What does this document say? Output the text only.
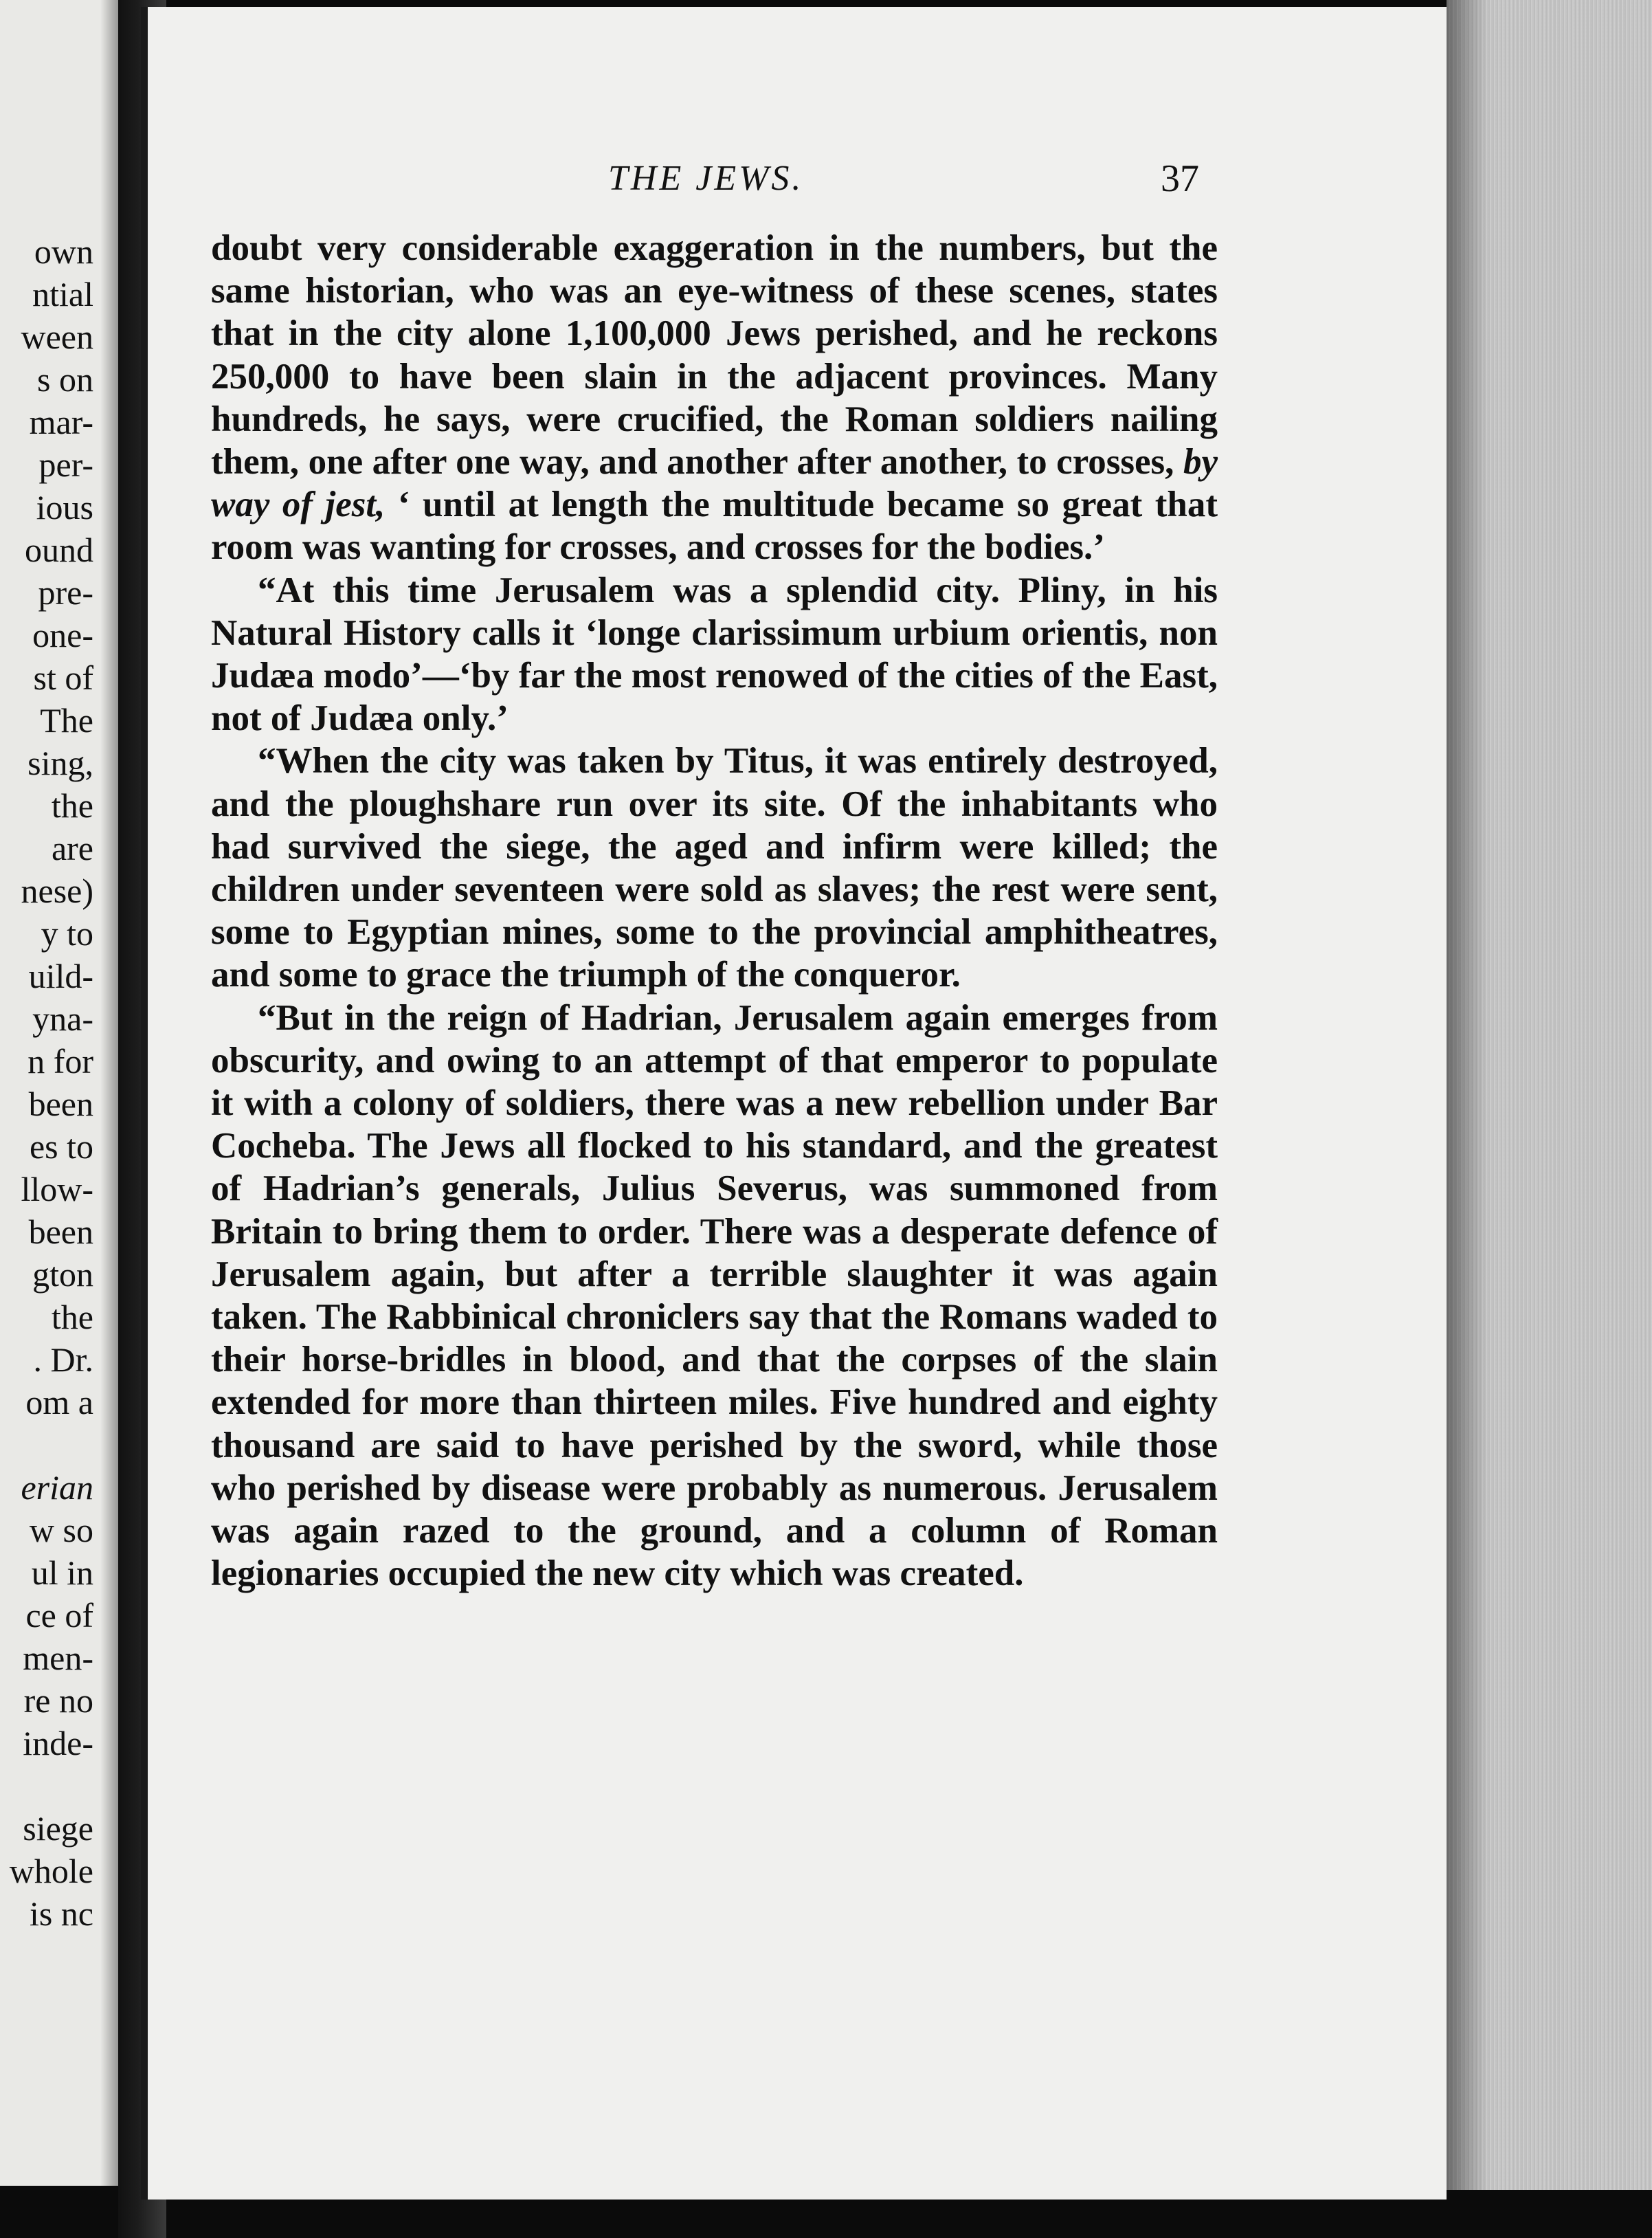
own
ntial
ween
s on
mar-
per-
ious
ound
pre-
one-
st of
The
sing,
the
are
nese)
y to
uild-
yna-
n for
been
es to
llow-
been
gton
the
. Dr.
om a
erian
w so
ul in
ce of
men-
re no
inde-
siege
whole
is nc
THE JEWS.	37

doubt very considerable exaggeration in the numbers, but the same historian, who was an eye-witness of these scenes, states that in the city alone 1,100,000 Jews perished, and he reckons 250,000 to have been slain in the adjacent provinces. Many hundreds, he says, were crucified, the Roman soldiers nailing them, one after one way, and another after another, to crosses, by way of jest, ‘ until at length the multitude became so great that room was wanting for crosses, and crosses for the bodies.’

“At this time Jerusalem was a splendid city. Pliny, in his Natural History calls it ‘longe clarissimum urbium orientis, non Judæa modo’—‘by far the most renowed of the cities of the East, not of Judæa only.’

“When the city was taken by Titus, it was entirely destroyed, and the ploughshare run over its site. Of the inhabitants who had survived the siege, the aged and infirm were killed; the children under seventeen were sold as slaves; the rest were sent, some to Egyptian mines, some to the provincial amphitheatres, and some to grace the triumph of the conqueror.

“But in the reign of Hadrian, Jerusalem again emerges from obscurity, and owing to an attempt of that emperor to populate it with a colony of soldiers, there was a new rebellion under Bar Cocheba. The Jews all flocked to his standard, and the greatest of Hadrian’s generals, Julius Severus, was summoned from Britain to bring them to order. There was a desperate defence of Jerusalem again, but after a terrible slaughter it was again taken. The Rabbinical chroniclers say that the Romans waded to their horse-bridles in blood, and that the corpses of the slain extended for more than thirteen miles. Five hundred and eighty thousand are said to have perished by the sword, while those who perished by disease were probably as numerous. Jerusalem was again razed to the ground, and a column of Roman legionaries occupied the new city which was created.
